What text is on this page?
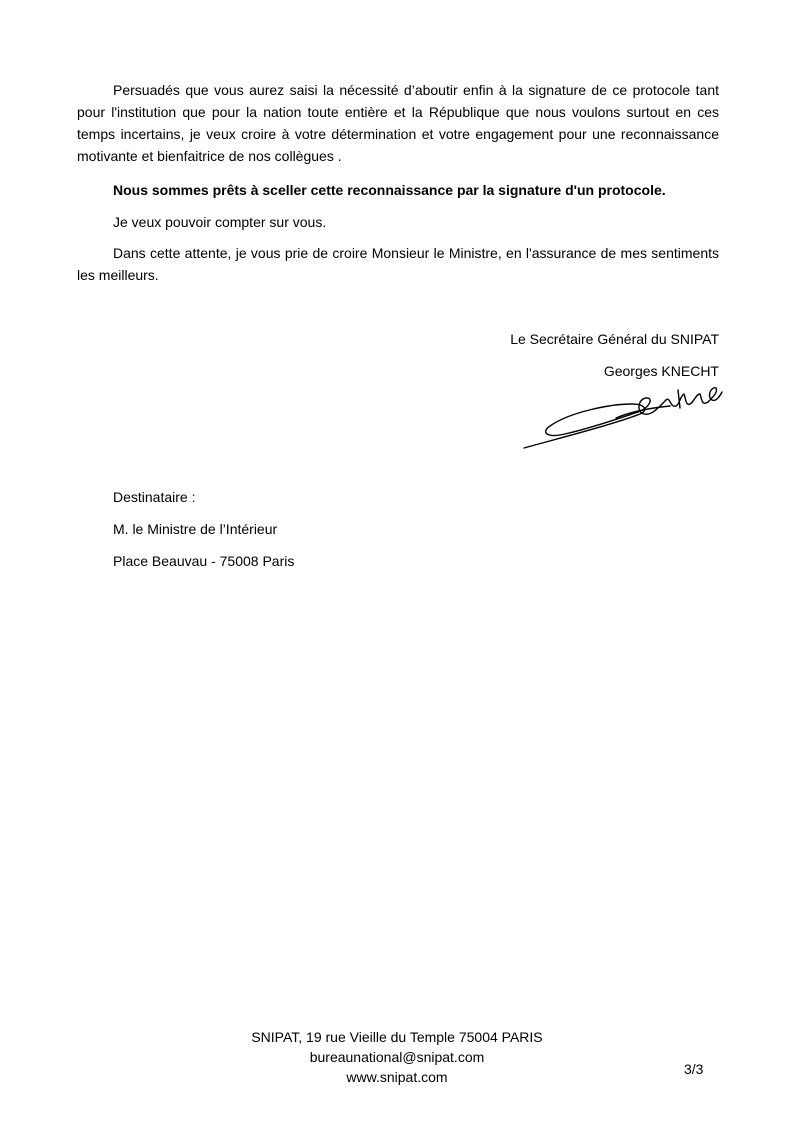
Persuadés que vous aurez saisi la nécessité d’aboutir enfin à la signature de ce protocole tant pour l'institution que pour la nation toute entière et la République que nous voulons surtout en ces temps incertains, je veux croire à votre détermination et votre engagement pour une reconnaissance motivante et bienfaitrice de nos collègues .

Nous sommes prêts à sceller cette reconnaissance par la signature d'un protocole.

Je veux pouvoir compter sur vous.

Dans cette attente, je vous prie de croire Monsieur le Ministre, en l'assurance de mes sentiments les meilleurs.

Le Secrétaire Général du SNIPAT
Georges KNECHT
Destinataire :
M. le Ministre de l’Intérieur
Place Beauvau - 75008 Paris
SNIPAT, 19 rue Vieille du Temple 75004 PARIS
bureaunational@snipat.com
www.snipat.com	3/3
